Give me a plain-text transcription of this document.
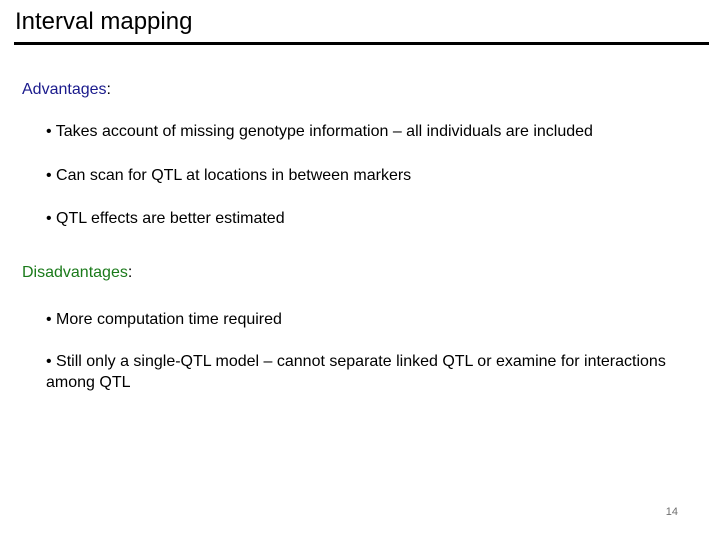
Interval mapping

Advantages:

• Takes account of missing genotype information – all individuals are included

• Can scan for QTL at locations in between markers

• QTL effects are better estimated

Disadvantages:

• More computation time required

• Still only a single-QTL model – cannot separate linked QTL or examine for interactions among QTL

14
